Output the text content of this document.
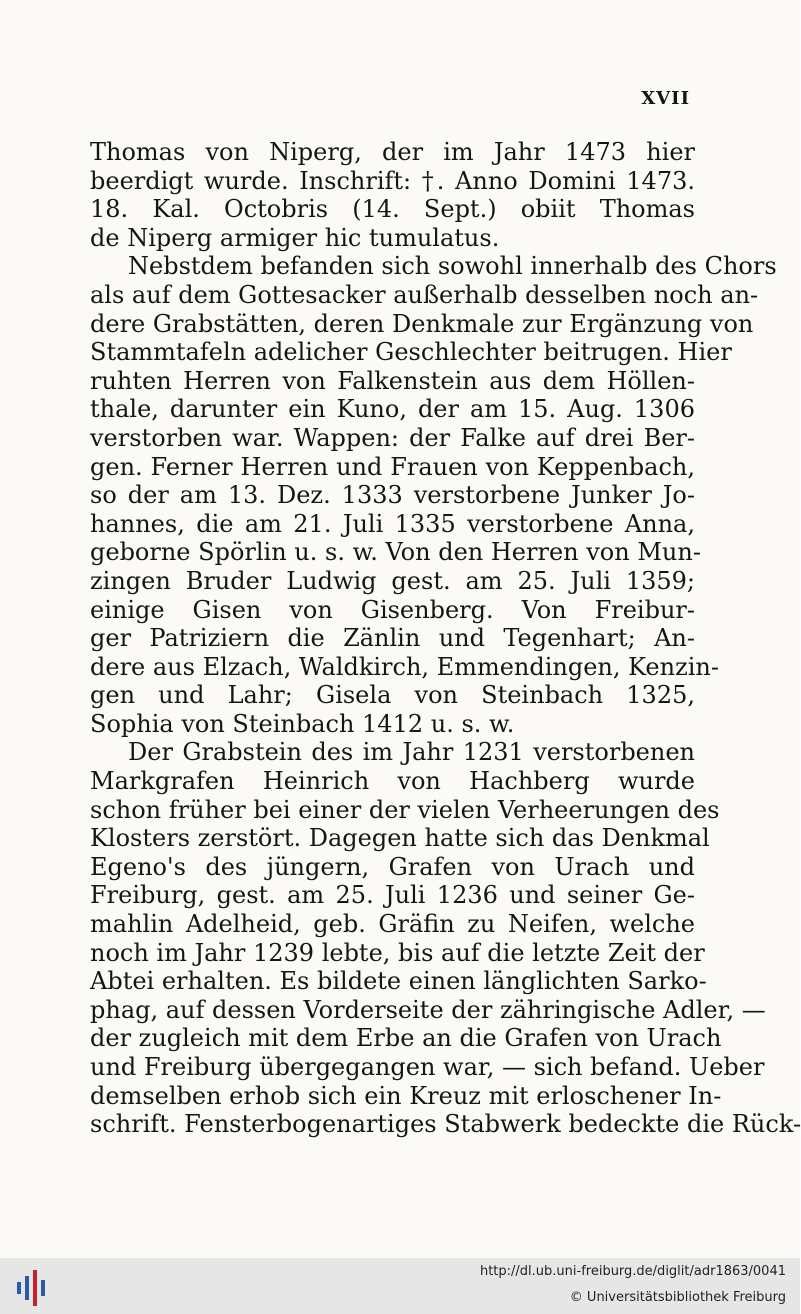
XVII
Thomas von Niperg, der im Jahr 1473 hier
beerdigt wurde. Inschrift: †. Anno Domini 1473.
18. Kal. Octobris (14. Sept.) obiit Thomas
de Niperg armiger hic tumulatus.
Nebstdem befanden sich sowohl innerhalb des Chors
als auf dem Gottesacker außerhalb desselben noch an-
dere Grabstätten, deren Denkmale zur Ergänzung von
Stammtafeln adelicher Geschlechter beitrugen. Hier
ruhten Herren von Falkenstein aus dem Höllen-
thale, darunter ein Kuno, der am 15. Aug. 1306
verstorben war. Wappen: der Falke auf drei Ber-
gen. Ferner Herren und Frauen von Keppenbach,
so der am 13. Dez. 1333 verstorbene Junker Jo-
hannes, die am 21. Juli 1335 verstorbene Anna,
geborne Spörlin u. s. w. Von den Herren von Mun-
zingen Bruder Ludwig gest. am 25. Juli 1359;
einige Gisen von Gisenberg. Von Freibur-
ger Patriziern die Zänlin und Tegenhart; An-
dere aus Elzach, Waldkirch, Emmendingen, Kenzin-
gen und Lahr; Gisela von Steinbach 1325,
Sophia von Steinbach 1412 u. s. w.
Der Grabstein des im Jahr 1231 verstorbenen
Markgrafen Heinrich von Hachberg wurde
schon früher bei einer der vielen Verheerungen des
Klosters zerstört. Dagegen hatte sich das Denkmal
Egeno's des jüngern, Grafen von Urach und
Freiburg, gest. am 25. Juli 1236 und seiner Ge-
mahlin Adelheid, geb. Gräfin zu Neifen, welche
noch im Jahr 1239 lebte, bis auf die letzte Zeit der
Abtei erhalten. Es bildete einen länglichten Sarko-
phag, auf dessen Vorderseite der zähringische Adler, —
der zugleich mit dem Erbe an die Grafen von Urach
und Freiburg übergegangen war, — sich befand. Ueber
demselben erhob sich ein Kreuz mit erloschener In-
schrift. Fensterbogenartiges Stabwerk bedeckte die Rück-
http://dl.ub.uni-freiburg.de/diglit/adr1863/0041
© Universitätsbibliothek Freiburg
